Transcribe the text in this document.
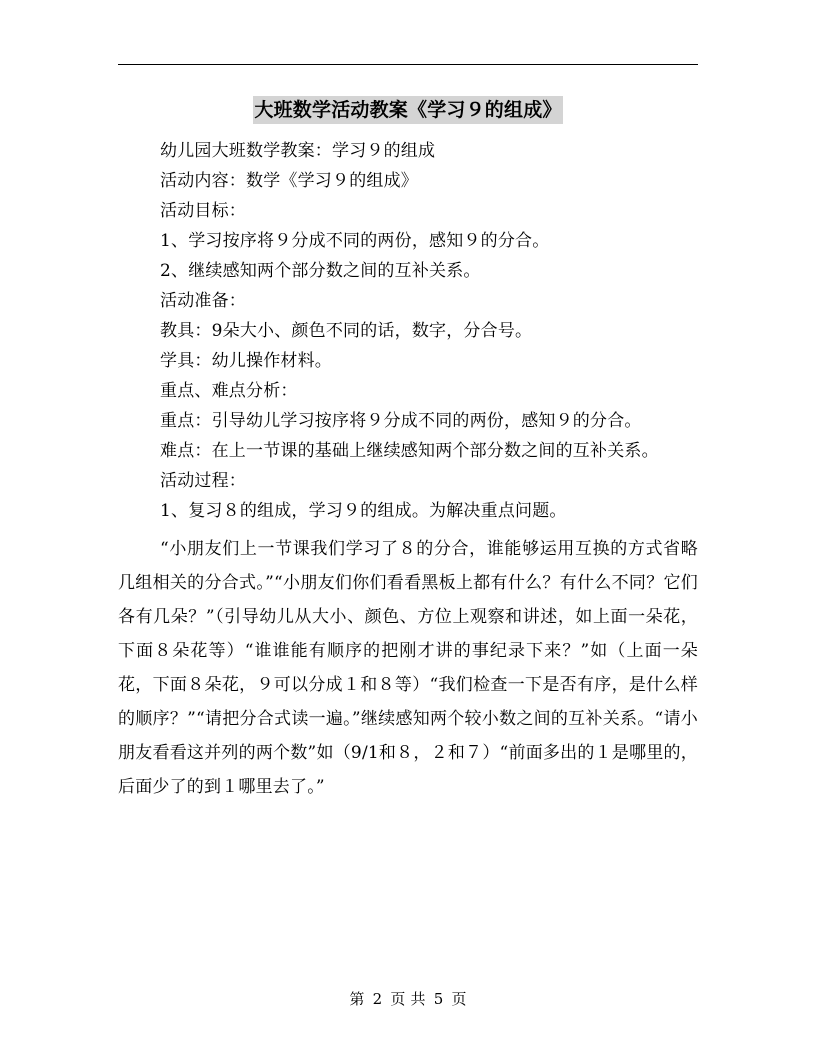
大班数学活动教案《学习９的组成》

幼儿园大班数学教案：学习９的组成

活动内容：数学《学习９的组成》

活动目标：

1、学习按序将９分成不同的两份，感知９的分合。

2、继续感知两个部分数之间的互补关系。

活动准备：

教具：9朵大小、颜色不同的话，数字，分合号。

学具：幼儿操作材料。

重点、难点分析：

重点：引导幼儿学习按序将９分成不同的两份，感知９的分合。

难点：在上一节课的基础上继续感知两个部分数之间的互补关系。

活动过程：

1、复习８的组成，学习９的组成。为解决重点问题。

“小朋友们上一节课我们学习了８的分合，谁能够运用互换的方式省略几组相关的分合式。”“小朋友们你们看看黑板上都有什么？有什么不同？它们各有几朵？”（引导幼儿从大小、颜色、方位上观察和讲述，如上面一朵花，下面８朵花等）“谁谁能有顺序的把刚才讲的事纪录下来？”如（上面一朵花，下面８朵花，９可以分成１和８等）“我们检查一下是否有序，是什么样的顺序？”“请把分合式读一遍。”继续感知两个较小数之间的互补关系。“请小朋友看看这并列的两个数”如（9/1和８，２和７）“前面多出的１是哪里的，后面少了的到１哪里去了。”

第 2 页 共 5 页
